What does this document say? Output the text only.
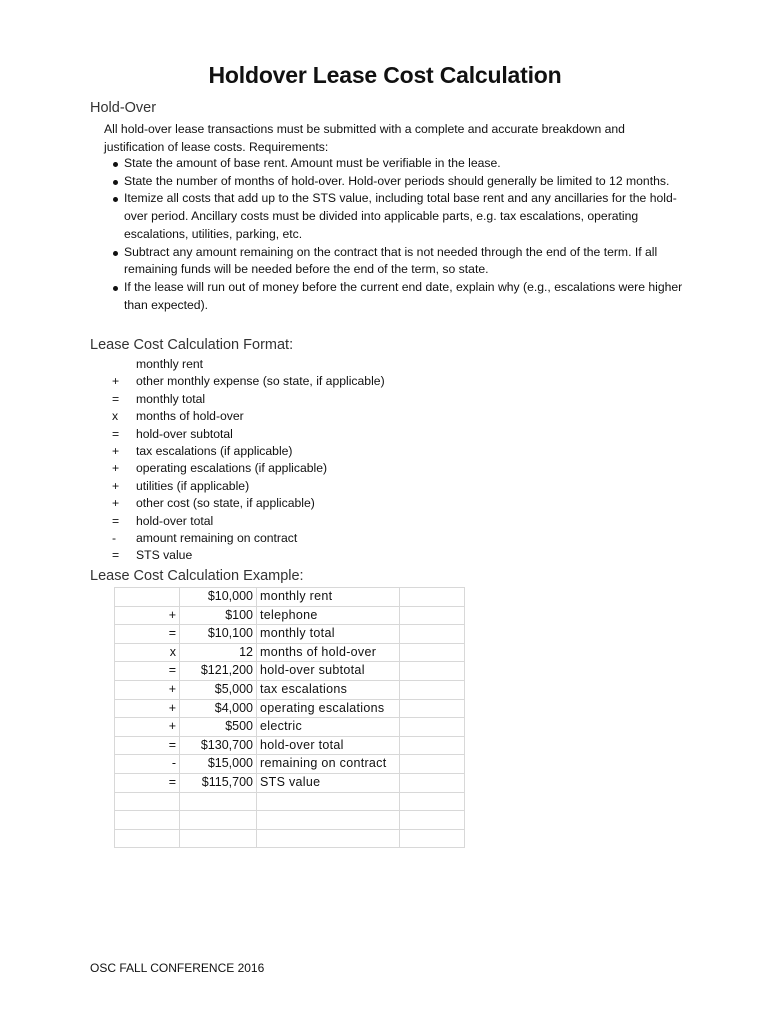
Holdover Lease Cost Calculation
Hold-Over
All hold-over lease transactions must be submitted with a complete and accurate breakdown and justification of lease costs. Requirements:
State the amount of base rent. Amount must be verifiable in the lease.
State the number of months of hold-over. Hold-over periods should generally be limited to 12 months.
Itemize all costs that add up to the STS value, including total base rent and any ancillaries for the hold-over period. Ancillary costs must be divided into applicable parts, e.g. tax escalations, operating escalations, utilities, parking, etc.
Subtract any amount remaining on the contract that is not needed through the end of the term. If all remaining funds will be needed before the end of the term, so state.
If the lease will run out of money before the current end date, explain why (e.g., escalations were higher than expected).
Lease Cost Calculation Format:
monthly rent
+	other monthly expense (so state, if applicable)
=	monthly total
x	months of hold-over
=	hold-over subtotal
+	tax escalations (if applicable)
+	operating escalations (if applicable)
+	utilities (if applicable)
+	other cost (so state, if applicable)
=	hold-over total
-	amount remaining on contract
=	STS value
Lease Cost Calculation Example:
	$10,000	monthly rent	
+	$100	telephone	
=	$10,100	monthly total	
x	12	months of hold-over	
=	$121,200	hold-over subtotal	
+	$5,000	tax escalations	
+	$4,000	operating escalations	
+	$500	electric	
=	$130,700	hold-over total	
-	$15,000	remaining on contract	
=	$115,700	STS value	

OSC FALL CONFERENCE 2016
